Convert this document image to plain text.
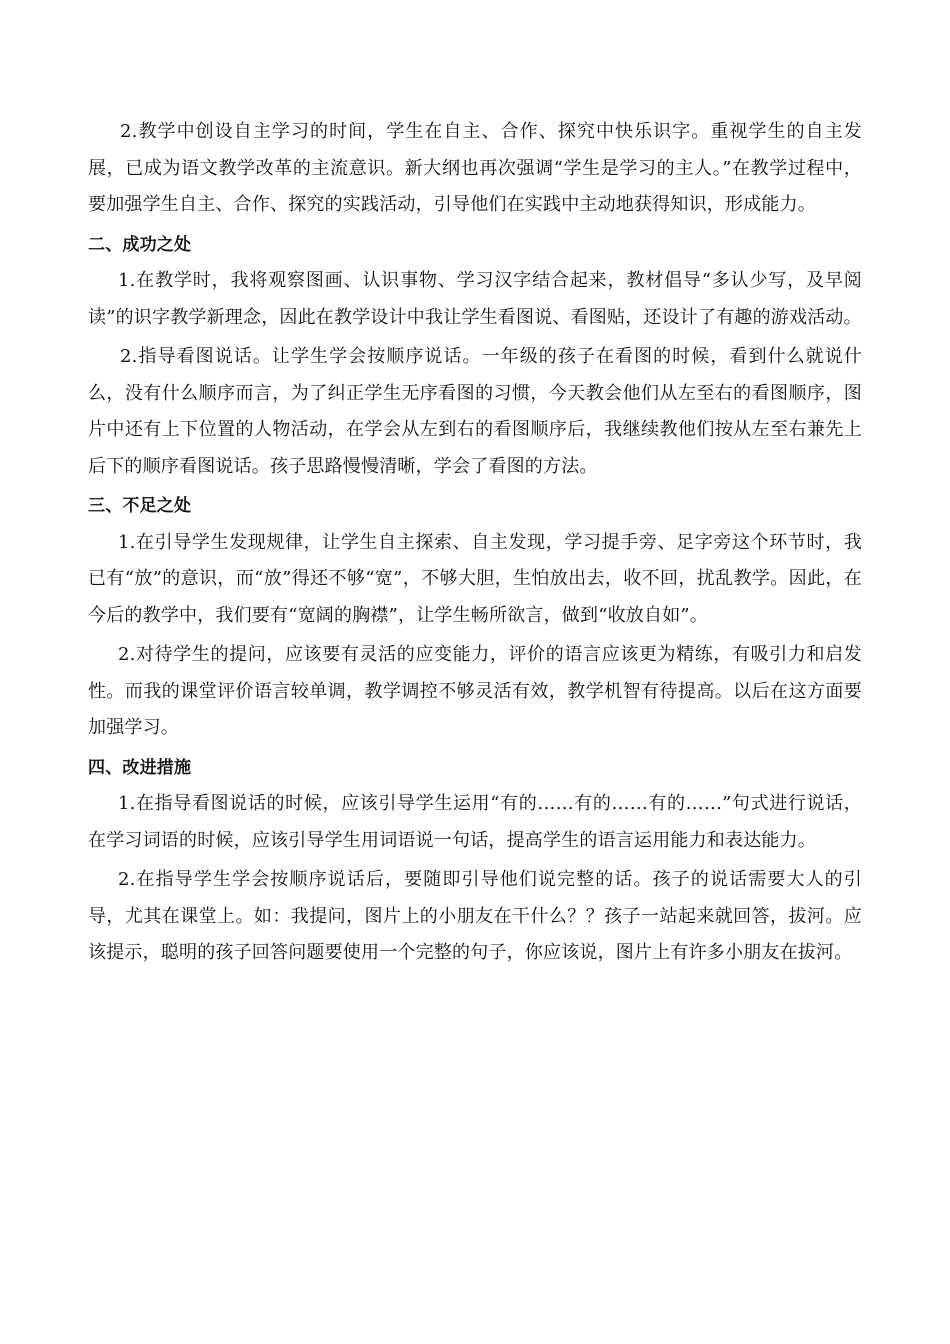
2.教学中创设自主学习的时间，学生在自主、合作、探究中快乐识字。重视学生的自主发展，已成为语文教学改革的主流意识。新大纲也再次强调“学生是学习的主人。”在教学过程中，要加强学生自主、合作、探究的实践活动，引导他们在实践中主动地获得知识，形成能力。

二、成功之处

1.在教学时，我将观察图画、认识事物、学习汉字结合起来，教材倡导“多认少写，及早阅读”的识字教学新理念，因此在教学设计中我让学生看图说、看图贴，还设计了有趣的游戏活动。

2.指导看图说话。让学生学会按顺序说话。一年级的孩子在看图的时候，看到什么就说什么，没有什么顺序而言，为了纠正学生无序看图的习惯，今天教会他们从左至右的看图顺序，图片中还有上下位置的人物活动，在学会从左到右的看图顺序后，我继续教他们按从左至右兼先上后下的顺序看图说话。孩子思路慢慢清晰，学会了看图的方法。

三、不足之处

1.在引导学生发现规律，让学生自主探索、自主发现，学习提手旁、足字旁这个环节时，我已有“放”的意识，而“放”得还不够“宽”，不够大胆，生怕放出去，收不回，扰乱教学。因此，在今后的教学中，我们要有“宽阔的胸襟”，让学生畅所欲言，做到“收放自如”。

2.对待学生的提问，应该要有灵活的应变能力，评价的语言应该更为精练，有吸引力和启发性。而我的课堂评价语言较单调，教学调控不够灵活有效，教学机智有待提高。以后在这方面要加强学习。

四、改进措施

1.在指导看图说话的时候，应该引导学生运用“有的……有的……有的……”句式进行说话，在学习词语的时候，应该引导学生用词语说一句话，提高学生的语言运用能力和表达能力。

2.在指导学生学会按顺序说话后，要随即引导他们说完整的话。孩子的说话需要大人的引导，尤其在课堂上。如：我提问，图片上的小朋友在干什么？？孩子一站起来就回答，拔河。应该提示，聪明的孩子回答问题要使用一个完整的句子，你应该说，图片上有许多小朋友在拔河。
